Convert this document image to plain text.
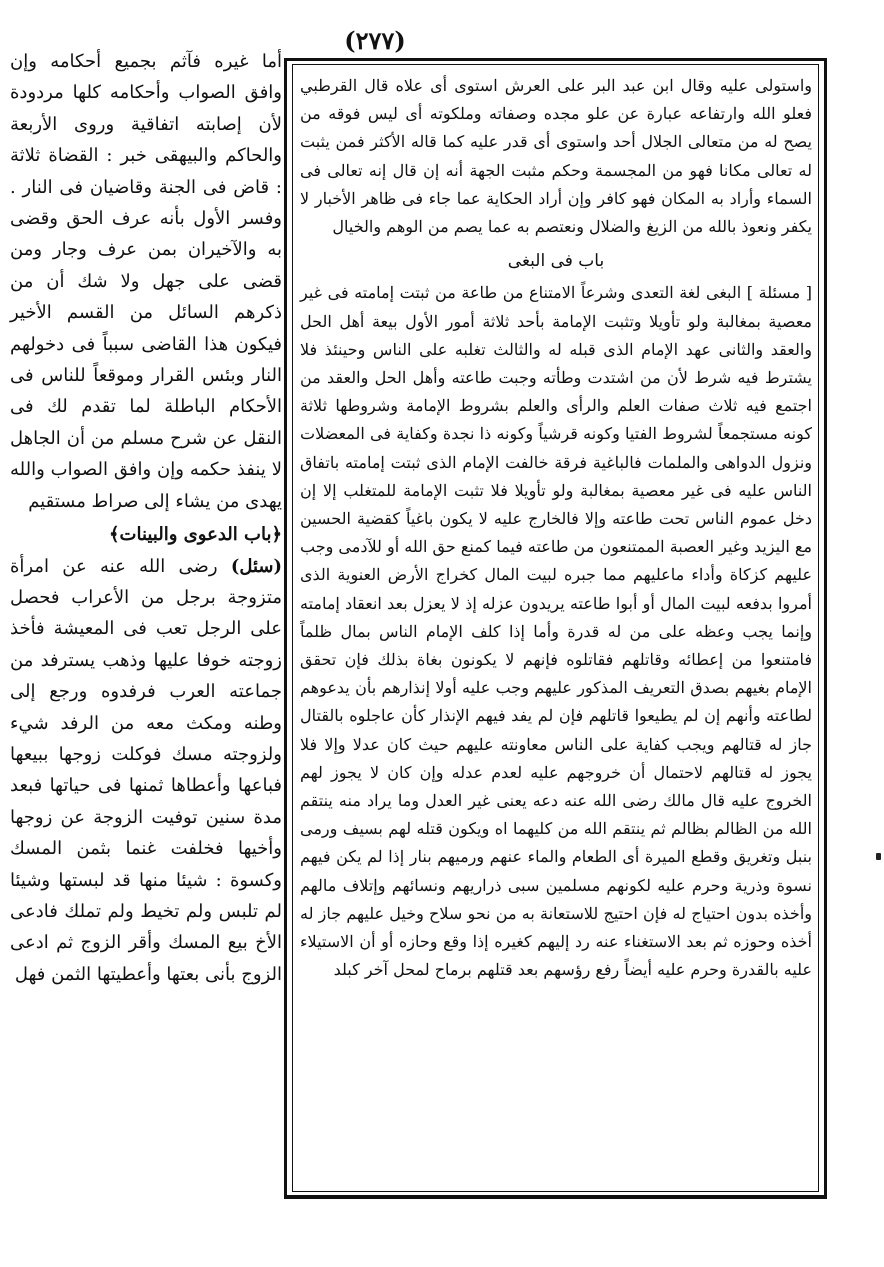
(٢٧٧)

واستولى عليه وقال ابن عبد البر على العرش استوى أى علاه قال القرطبي فعلو الله وارتفاعه عبارة عن علو مجده وصفاته وملكوته أى ليس فوقه من يصح له من متعالى الجلال أحد واستوى أى قدر عليه كما قاله الأكثر فمن يثبت له تعالى مكانا فهو من المجسمة وحكم مثبت الجهة أنه إن قال إنه تعالى فى السماء وأراد به المكان فهو كافر وإن أراد الحكاية عما جاء فى ظاهر الأخبار لا يكفر ونعوذ بالله من الزيغ والضلال ونعتصم به عما يصم من الوهم والخيال

باب فى البغى

[ مسئلة ] البغى لغة التعدى وشرعاً الامتناع من طاعة من ثبتت إمامته فى غير معصية بمغالبة ولو تأويلا وتثبت الإمامة بأحد ثلاثة أمور الأول بيعة أهل الحل والعقد والثانى عهد الإمام الذى قبله له والثالث تغلبه على الناس وحينئذ فلا يشترط فيه شرط لأن من اشتدت وطأته وجبت طاعته وأهل الحل والعقد من اجتمع فيه ثلاث صفات العلم والرأى والعلم بشروط الإمامة وشروطها ثلاثة كونه مستجمعاً لشروط الفتيا وكونه قرشياً وكونه ذا نجدة وكفاية فى المعضلات ونزول الدواهى والملمات فالباغية فرقة خالفت الإمام الذى ثبتت إمامته باتفاق الناس عليه فى غير معصية بمغالبة ولو تأويلا فلا تثبت الإمامة للمتغلب إلا إن دخل عموم الناس تحت طاعته وإلا فالخارج عليه لا يكون باغياً كقضية الحسين مع اليزيد وغير العصبة الممتنعون من طاعته فيما كمنع حق الله أو للآدمى وجب عليهم كزكاة وأداء ماعليهم مما جبره لبيت المال كخراج الأرض العنوية الذى أمروا بدفعه لبيت المال أو أبوا طاعته يريدون عزله إذ لا يعزل بعد انعقاد إمامته وإنما يجب وعظه على من له قدرة وأما إذا كلف الإمام الناس بمال ظلماً فامتنعوا من إعطائه وقاتلهم فقاتلوه فإنهم لا يكونون بغاة بذلك فإن تحقق الإمام بغيهم بصدق التعريف المذكور عليهم وجب عليه أولا إنذارهم بأن يدعوهم لطاعته وأنهم إن لم يطيعوا قاتلهم فإن لم يفد فيهم الإنذار كأن عاجلوه بالقتال جاز له قتالهم ويجب كفاية على الناس معاونته عليهم حيث كان عدلا وإلا فلا يجوز له قتالهم لاحتمال أن خروجهم عليه لعدم عدله وإن كان لا يجوز لهم الخروج عليه قال مالك رضى الله عنه دعه يعنى غير العدل وما يراد منه ينتقم الله من الظالم بظالم ثم ينتقم الله من كليهما اه ويكون قتله لهم بسيف ورمى بنبل وتغريق وقطع الميرة أى الطعام والماء عنهم ورميهم بنار إذا لم يكن فيهم نسوة وذرية وحرم عليه لكونهم مسلمين سبى ذراريهم ونسائهم وإتلاف مالهم وأخذه بدون احتياج له فإن احتيج للاستعانة به من نحو سلاح وخيل عليهم جاز له أخذه وحوزه ثم بعد الاستغناء عنه رد إليهم كغيره إذا وقع وحازه أو أن الاستيلاء عليه بالقدرة وحرم عليه أيضاً رفع رؤسهم بعد قتلهم برماح لمحل آخر كبلد

أما غيره فآثم بجميع أحكامه وإن وافق الصواب وأحكامه كلها مردودة لأن إصابته اتفاقية وروى الأربعة والحاكم والبيهقى خبر : القضاة ثلاثة : قاض فى الجنة وقاضيان فى النار . وفسر الأول بأنه عرف الحق وقضى به والآخيران بمن عرف وجار ومن قضى على جهل ولا شك أن من ذكرهم السائل من القسم الأخير فيكون هذا القاضى سبباً فى دخولهم النار وبئس القرار وموقعاً للناس فى الأحكام الباطلة لما تقدم لك فى النقل عن شرح مسلم من أن الجاهل لا ينفذ حكمه وإن وافق الصواب والله يهدى من يشاء إلى صراط مستقيم

﴿باب الدعوى والبينات﴾

(سئل) رضى الله عنه عن امرأة متزوجة برجل من الأعراب فحصل على الرجل تعب فى المعيشة فأخذ زوجته خوفا عليها وذهب يسترفد من جماعته العرب فرفدوه ورجع إلى وطنه ومكث معه من الرفد شيء ولزوجته مسك فوكلت زوجها ببيعها فباعها وأعطاها ثمنها فى حياتها فبعد مدة سنين توفيت الزوجة عن زوجها وأخيها فخلفت غنما بثمن المسك وكسوة : شيئا منها قد لبستها وشيئا لم تلبس ولم تخيط ولم تملك فادعى الأخ بيع المسك وأقر الزوج ثم ادعى الزوج بأنى بعتها وأعطيتها الثمن فهل
